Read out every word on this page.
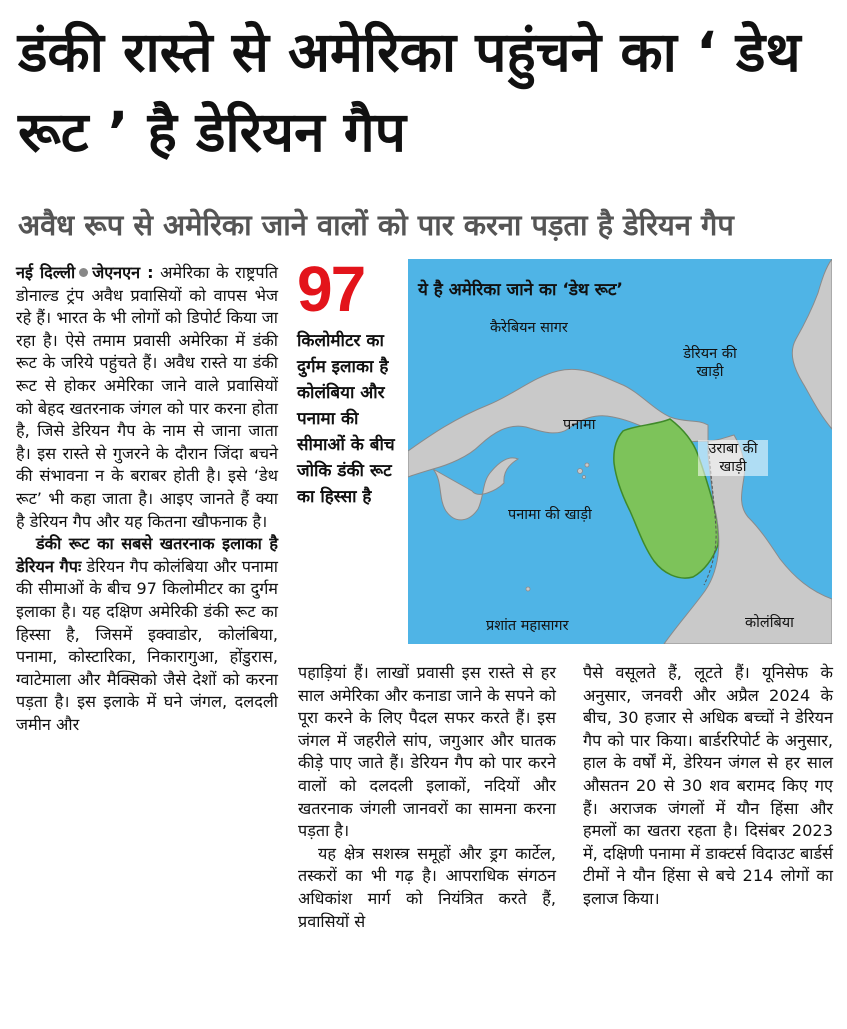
डंकी रास्ते से अमेरिका पहुंचने का ‘ डेथ रूट ’ है डेरियन गैप
अवैध रूप से अमेरिका जाने वालों को पार करना पड़ता है डेरियन गैप

नई दिल्ली जेएनएन : अमेरिका के राष्ट्रपति डोनाल्ड ट्रंप अवैध प्रवासियों को वापस भेज रहे हैं। भारत के भी लोगों को डिपोर्ट किया जा रहा है। ऐसे तमाम प्रवासी अमेरिका में डंकी रूट के जरिये पहुंचते हैं। अवैध रास्ते या डंकी रूट से होकर अमेरिका जाने वाले प्रवासियों को बेहद खतरनाक जंगल को पार करना होता है, जिसे डेरियन गैप के नाम से जाना जाता है। इस रास्ते से गुजरने के दौरान जिंदा बचने की संभावना न के बराबर होती है। इसे ‘डेथ रूट’ भी कहा जाता है। आइए जानते हैं क्या है डेरियन गैप और यह कितना खौफनाक है।

डंकी रूट का सबसे खतरनाक इलाका है डेरियन गैपः डेरियन गैप कोलंबिया और पनामा की सीमाओं के बीच 97 किलोमीटर का दुर्गम इलाका है। यह दक्षिण अमेरिकी डंकी रूट का हिस्सा है, जिसमें इक्वाडोर, कोलंबिया, पनामा, कोस्टारिका, निकारागुआ, होंडुरास, ग्वाटेमाला और मैक्सिको जैसे देशों को करना पड़ता है। इस इलाके में घने जंगल, दलदली जमीन और

97
किलोमीटर का दुर्गम इलाका है कोलंबिया और पनामा की सीमाओं के बीच जोकि डंकी रूट का हिस्सा है
ये है अमेरिका जाने का ‘डेथ रूट’
कैरेबियन सागर
डेरियन की खाड़ी
पनामा
उराबा की खाड़ी
पनामा की खाड़ी
प्रशांत महासागर	कोलंबिया

पहाड़ियां हैं। लाखों प्रवासी इस रास्ते से हर साल अमेरिका और कनाडा जाने के सपने को पूरा करने के लिए पैदल सफर करते हैं। इस जंगल में जहरीले सांप, जगुआर और घातक कीड़े पाए जाते हैं। डेरियन गैप को पार करने वालों को दलदली इलाकों, नदियों और खतरनाक जंगली जानवरों का सामना करना पड़ता है।

यह क्षेत्र सशस्त्र समूहों और ड्रग कार्टेल, तस्करों का भी गढ़ है। आपराधिक संगठन अधिकांश मार्ग को नियंत्रित करते हैं, प्रवासियों से

पैसे वसूलते हैं, लूटते हैं। यूनिसेफ के अनुसार, जनवरी और अप्रैल 2024 के बीच, 30 हजार से अधिक बच्चों ने डेरियन गैप को पार किया। बार्डररिपोर्ट के अनुसार, हाल के वर्षों में, डेरियन जंगल से हर साल औसतन 20 से 30 शव बरामद किए गए हैं। अराजक जंगलों में यौन हिंसा और हमलों का खतरा रहता है। दिसंबर 2023 में, दक्षिणी पनामा में डाक्टर्स विदाउट बार्डर्स टीमों ने यौन हिंसा से बचे 214 लोगों का इलाज किया।
